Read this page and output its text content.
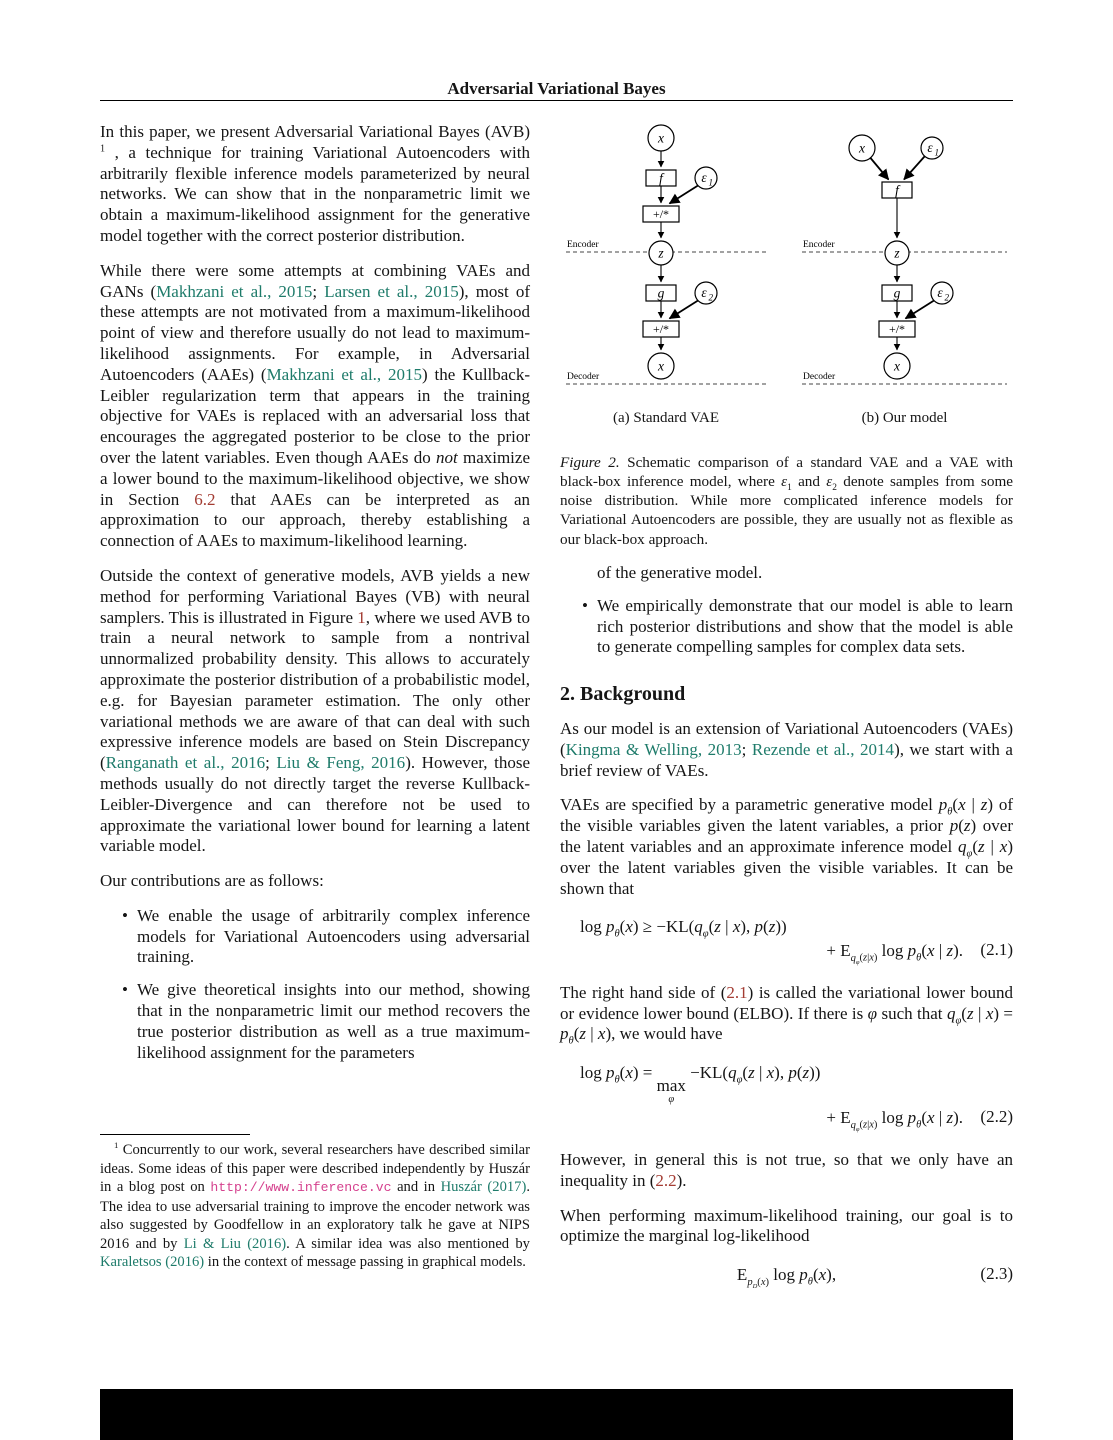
Adversarial Variational Bayes

In this paper, we present Adversarial Variational Bayes (AVB) $^1$ , a technique for training Variational Autoencoders with arbitrarily flexible inference models parameterized by neural networks. We can show that in the nonparametric limit we obtain a maximum-likelihood assignment for the generative model together with the correct posterior distribution.

While there were some attempts at combining VAEs and GANs (Makhzani et al., 2015; Larsen et al., 2015), most of these attempts are not motivated from a maximum-likelihood point of view and therefore usually do not lead to maximum-likelihood assignments. For example, in Adversarial Autoencoders (AAEs) (Makhzani et al., 2015) the Kullback-Leibler regularization term that appears in the training objective for VAEs is replaced with an adversarial loss that encourages the aggregated posterior to be close to the prior over the latent variables. Even though AAEs do not maximize a lower bound to the maximum-likelihood objective, we show in Section 6.2 that AAEs can be interpreted as an approximation to our approach, thereby establishing a connection of AAEs to maximum-likelihood learning.

Outside the context of generative models, AVB yields a new method for performing Variational Bayes (VB) with neural samplers. This is illustrated in Figure 1, where we used AVB to train a neural network to sample from a nontrival unnormalized probability density. This allows to accurately approximate the posterior distribution of a probabilistic model, e.g. for Bayesian parameter estimation. The only other variational methods we are aware of that can deal with such expressive inference models are based on Stein Discrepancy (Ranganath et al., 2016; Liu & Feng, 2016). However, those methods usually do not directly target the reverse Kullback-Leibler-Divergence and can therefore not be used to approximate the variational lower bound for learning a latent variable model.

Our contributions are as follows:

• We enable the usage of arbitrarily complex inference models for Variational Autoencoders using adversarial training.
• We give theoretical insights into our method, showing that in the nonparametric limit our method recovers the true posterior distribution as well as a true maximum-likelihood assignment for the parameters
$^1$ Concurrently to our work, several researchers have described similar ideas. Some ideas of this paper were described independently by Huszár in a blog post on http://www.inference.vc and in Huszár (2017). The idea to use adversarial training to improve the encoder network was also suggested by Goodfellow in an exploratory talk he gave at NIPS 2016 and by Li & Liu (2016). A similar idea was also mentioned by Karaletsos (2016) in the context of message passing in graphical models.
Encoder
Decoder
x
f	ε 1
+/*
z
g	ε 2
+/*
x
(a) Standard VAE
Encoder
Decoder
x	ε 1
f
z
g	ε 2
+/*
x
(b) Our model
Figure 2. Schematic comparison of a standard VAE and a VAE with black-box inference model, where $\varepsilon_1$ and $\varepsilon_2$ denote samples from some noise distribution. While more complicated inference models for Variational Autoencoders are possible, they are usually not as flexible as our black-box approach.

of the generative model.

• We empirically demonstrate that our model is able to learn rich posterior distributions and show that the model is able to generate compelling samples for complex data sets.
2. Background

As our model is an extension of Variational Autoencoders (VAEs) (Kingma & Welling, 2013; Rezende et al., 2014), we start with a brief review of VAEs.

VAEs are specified by a parametric generative model $p_\theta(x$ | z) of the visible variables given the latent variables, a prior p(z) over the latent variables and an approximate inference model $q_\varphi(z$ | x) over the latent variables given the visible variables. It can be shown that

$\log p_\theta(x) \ge -KL(q_\varphi(z$ | x), p(z))
+ $E_{q_\varphi(z|x)}$ $\log p_\theta(x$ | z).	(2.1)

The right hand side of (2.1) is called the variational lower bound or evidence lower bound (ELBO). If there is φ such that $q_\varphi(z$ | $x) = p_\theta(z$ | x), we would have

$\log p_\theta(x)$ =
max
φ
$-KL(q_\varphi(z$ | x), p(z))
+ $E_{q_\varphi(z|x)}$ $\log p_\theta(x$ | z).	(2.2)

However, in general this is not true, so that we only have an inequality in (2.2).

When performing maximum-likelihood training, our goal is to optimize the marginal log-likelihood

$E_{p_D(x)}$ $\log p_\theta(x)$,	(2.3)
